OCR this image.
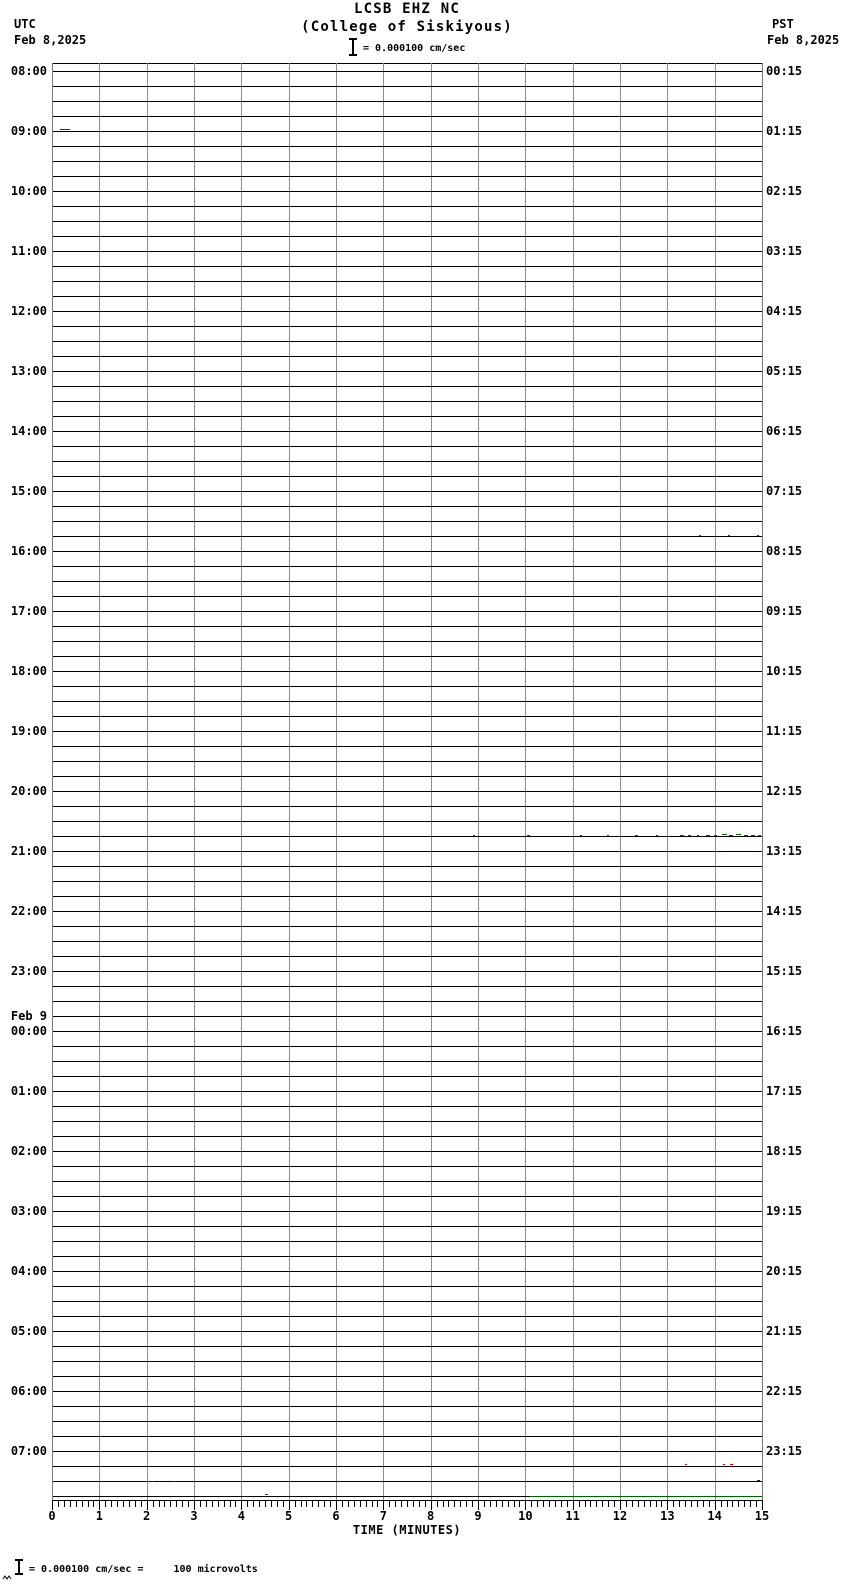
UTC
Feb 8,2025
LCSB EHZ NC
(College of Siskiyous)
= 0.000100 cm/sec
PST
Feb 8,2025
0	1	2	3	4	5	6	7	8	9	10	11	12	13	14	15
08:00	00:15
09:00	01:15
10:00	02:15
11:00	03:15
12:00	04:15
13:00	05:15
14:00	06:15
15:00	07:15
16:00	08:15
17:00	09:15
18:00	10:15
19:00	11:15
20:00	12:15
21:00	13:15
22:00	14:15
23:00	15:15
00:00	16:15
01:00	17:15
02:00	18:15
03:00	19:15
04:00	20:15
05:00	21:15
06:00	22:15
07:00	23:15
Feb 9
TIME (MINUTES)
= 0.000100 cm/sec =     100 microvolts
